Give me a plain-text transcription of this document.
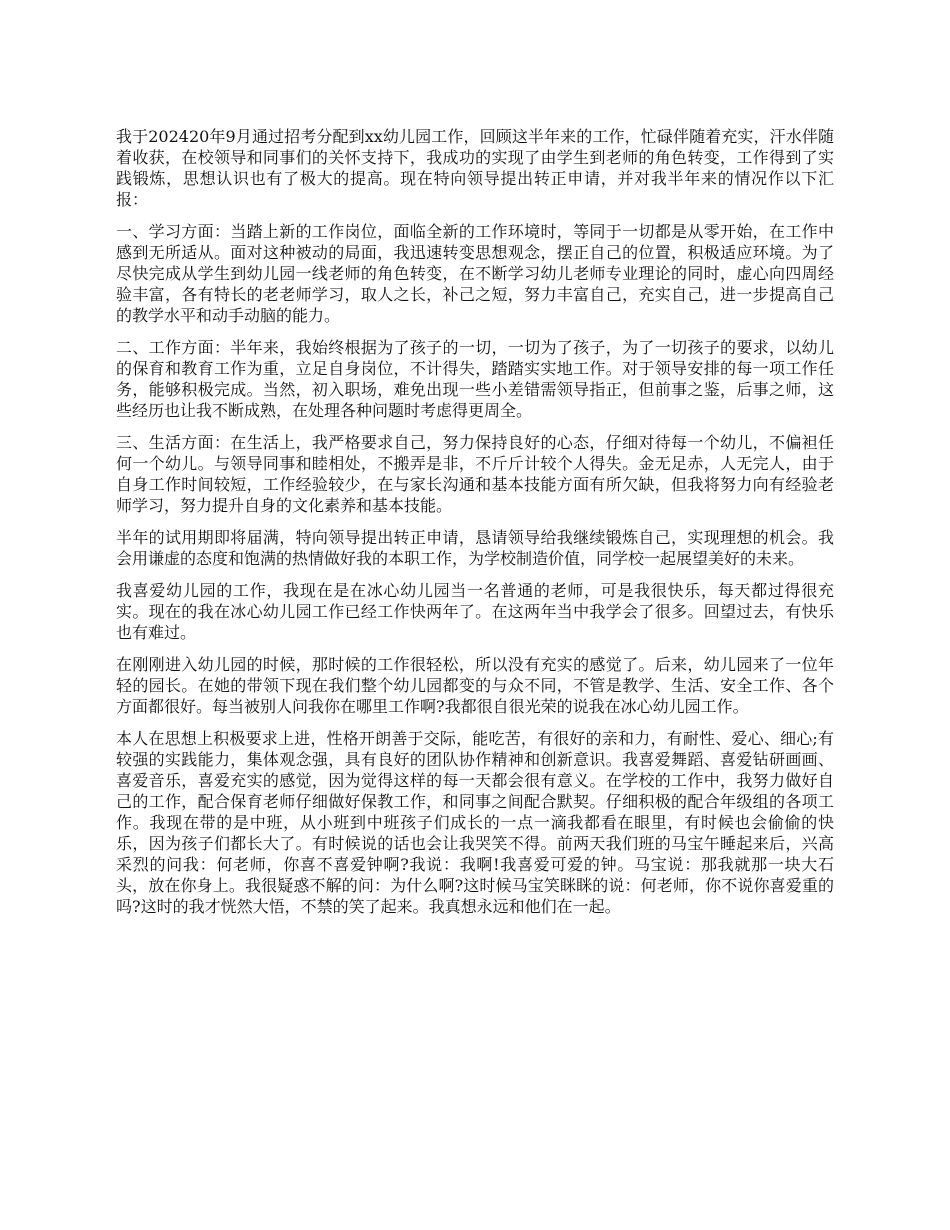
我于202420年9月通过招考分配到xx幼儿园工作，回顾这半年来的工作，忙碌伴随着充实，汗水伴随着收获，在校领导和同事们的关怀支持下，我成功的实现了由学生到老师的角色转变，工作得到了实践锻炼，思想认识也有了极大的提高。现在特向领导提出转正申请，并对我半年来的情况作以下汇报：

一、学习方面：当踏上新的工作岗位，面临全新的工作环境时，等同于一切都是从零开始，在工作中感到无所适从。面对这种被动的局面，我迅速转变思想观念，摆正自己的位置，积极适应环境。为了尽快完成从学生到幼儿园一线老师的角色转变，在不断学习幼儿老师专业理论的同时，虚心向四周经验丰富，各有特长的老老师学习，取人之长，补己之短，努力丰富自己，充实自己，进一步提高自己的教学水平和动手动脑的能力。

二、工作方面：半年来，我始终根据为了孩子的一切，一切为了孩子，为了一切孩子的要求，以幼儿的保育和教育工作为重，立足自身岗位，不计得失，踏踏实实地工作。对于领导安排的每一项工作任务，能够积极完成。当然，初入职场，难免出现一些小差错需领导指正，但前事之鉴，后事之师，这些经历也让我不断成熟，在处理各种问题时考虑得更周全。

三、生活方面：在生活上，我严格要求自己，努力保持良好的心态，仔细对待每一个幼儿，不偏袒任何一个幼儿。与领导同事和睦相处，不搬弄是非，不斤斤计较个人得失。金无足赤，人无完人，由于自身工作时间较短，工作经验较少，在与家长沟通和基本技能方面有所欠缺，但我将努力向有经验老师学习，努力提升自身的文化素养和基本技能。

半年的试用期即将届满，特向领导提出转正申请，恳请领导给我继续锻炼自己，实现理想的机会。我会用谦虚的态度和饱满的热情做好我的本职工作，为学校制造价值，同学校一起展望美好的未来。

我喜爱幼儿园的工作，我现在是在冰心幼儿园当一名普通的老师，可是我很快乐，每天都过得很充实。现在的我在冰心幼儿园工作已经工作快两年了。在这两年当中我学会了很多。回望过去，有快乐也有难过。

在刚刚进入幼儿园的时候，那时候的工作很轻松，所以没有充实的感觉了。后来，幼儿园来了一位年轻的园长。在她的带领下现在我们整个幼儿园都变的与众不同，不管是教学、生活、安全工作、各个方面都很好。每当被别人问我你在哪里工作啊?我都很自很光荣的说我在冰心幼儿园工作。

本人在思想上积极要求上进，性格开朗善于交际，能吃苦，有很好的亲和力，有耐性、爱心、细心;有较强的实践能力，集体观念强，具有良好的团队协作精神和创新意识。我喜爱舞蹈、喜爱钻研画画、喜爱音乐，喜爱充实的感觉，因为觉得这样的每一天都会很有意义。在学校的工作中，我努力做好自己的工作，配合保育老师仔细做好保教工作，和同事之间配合默契。仔细积极的配合年级组的各项工作。我现在带的是中班，从小班到中班孩子们成长的一点一滴我都看在眼里，有时候也会偷偷的快乐，因为孩子们都长大了。有时候说的话也会让我哭笑不得。前两天我们班的马宝午睡起来后，兴高采烈的问我：何老师，你喜不喜爱钟啊?我说：我啊!我喜爱可爱的钟。马宝说：那我就那一块大石头，放在你身上。我很疑惑不解的问：为什么啊?这时候马宝笑眯眯的说：何老师，你不说你喜爱重的吗?这时的我才恍然大悟，不禁的笑了起来。我真想永远和他们在一起。
